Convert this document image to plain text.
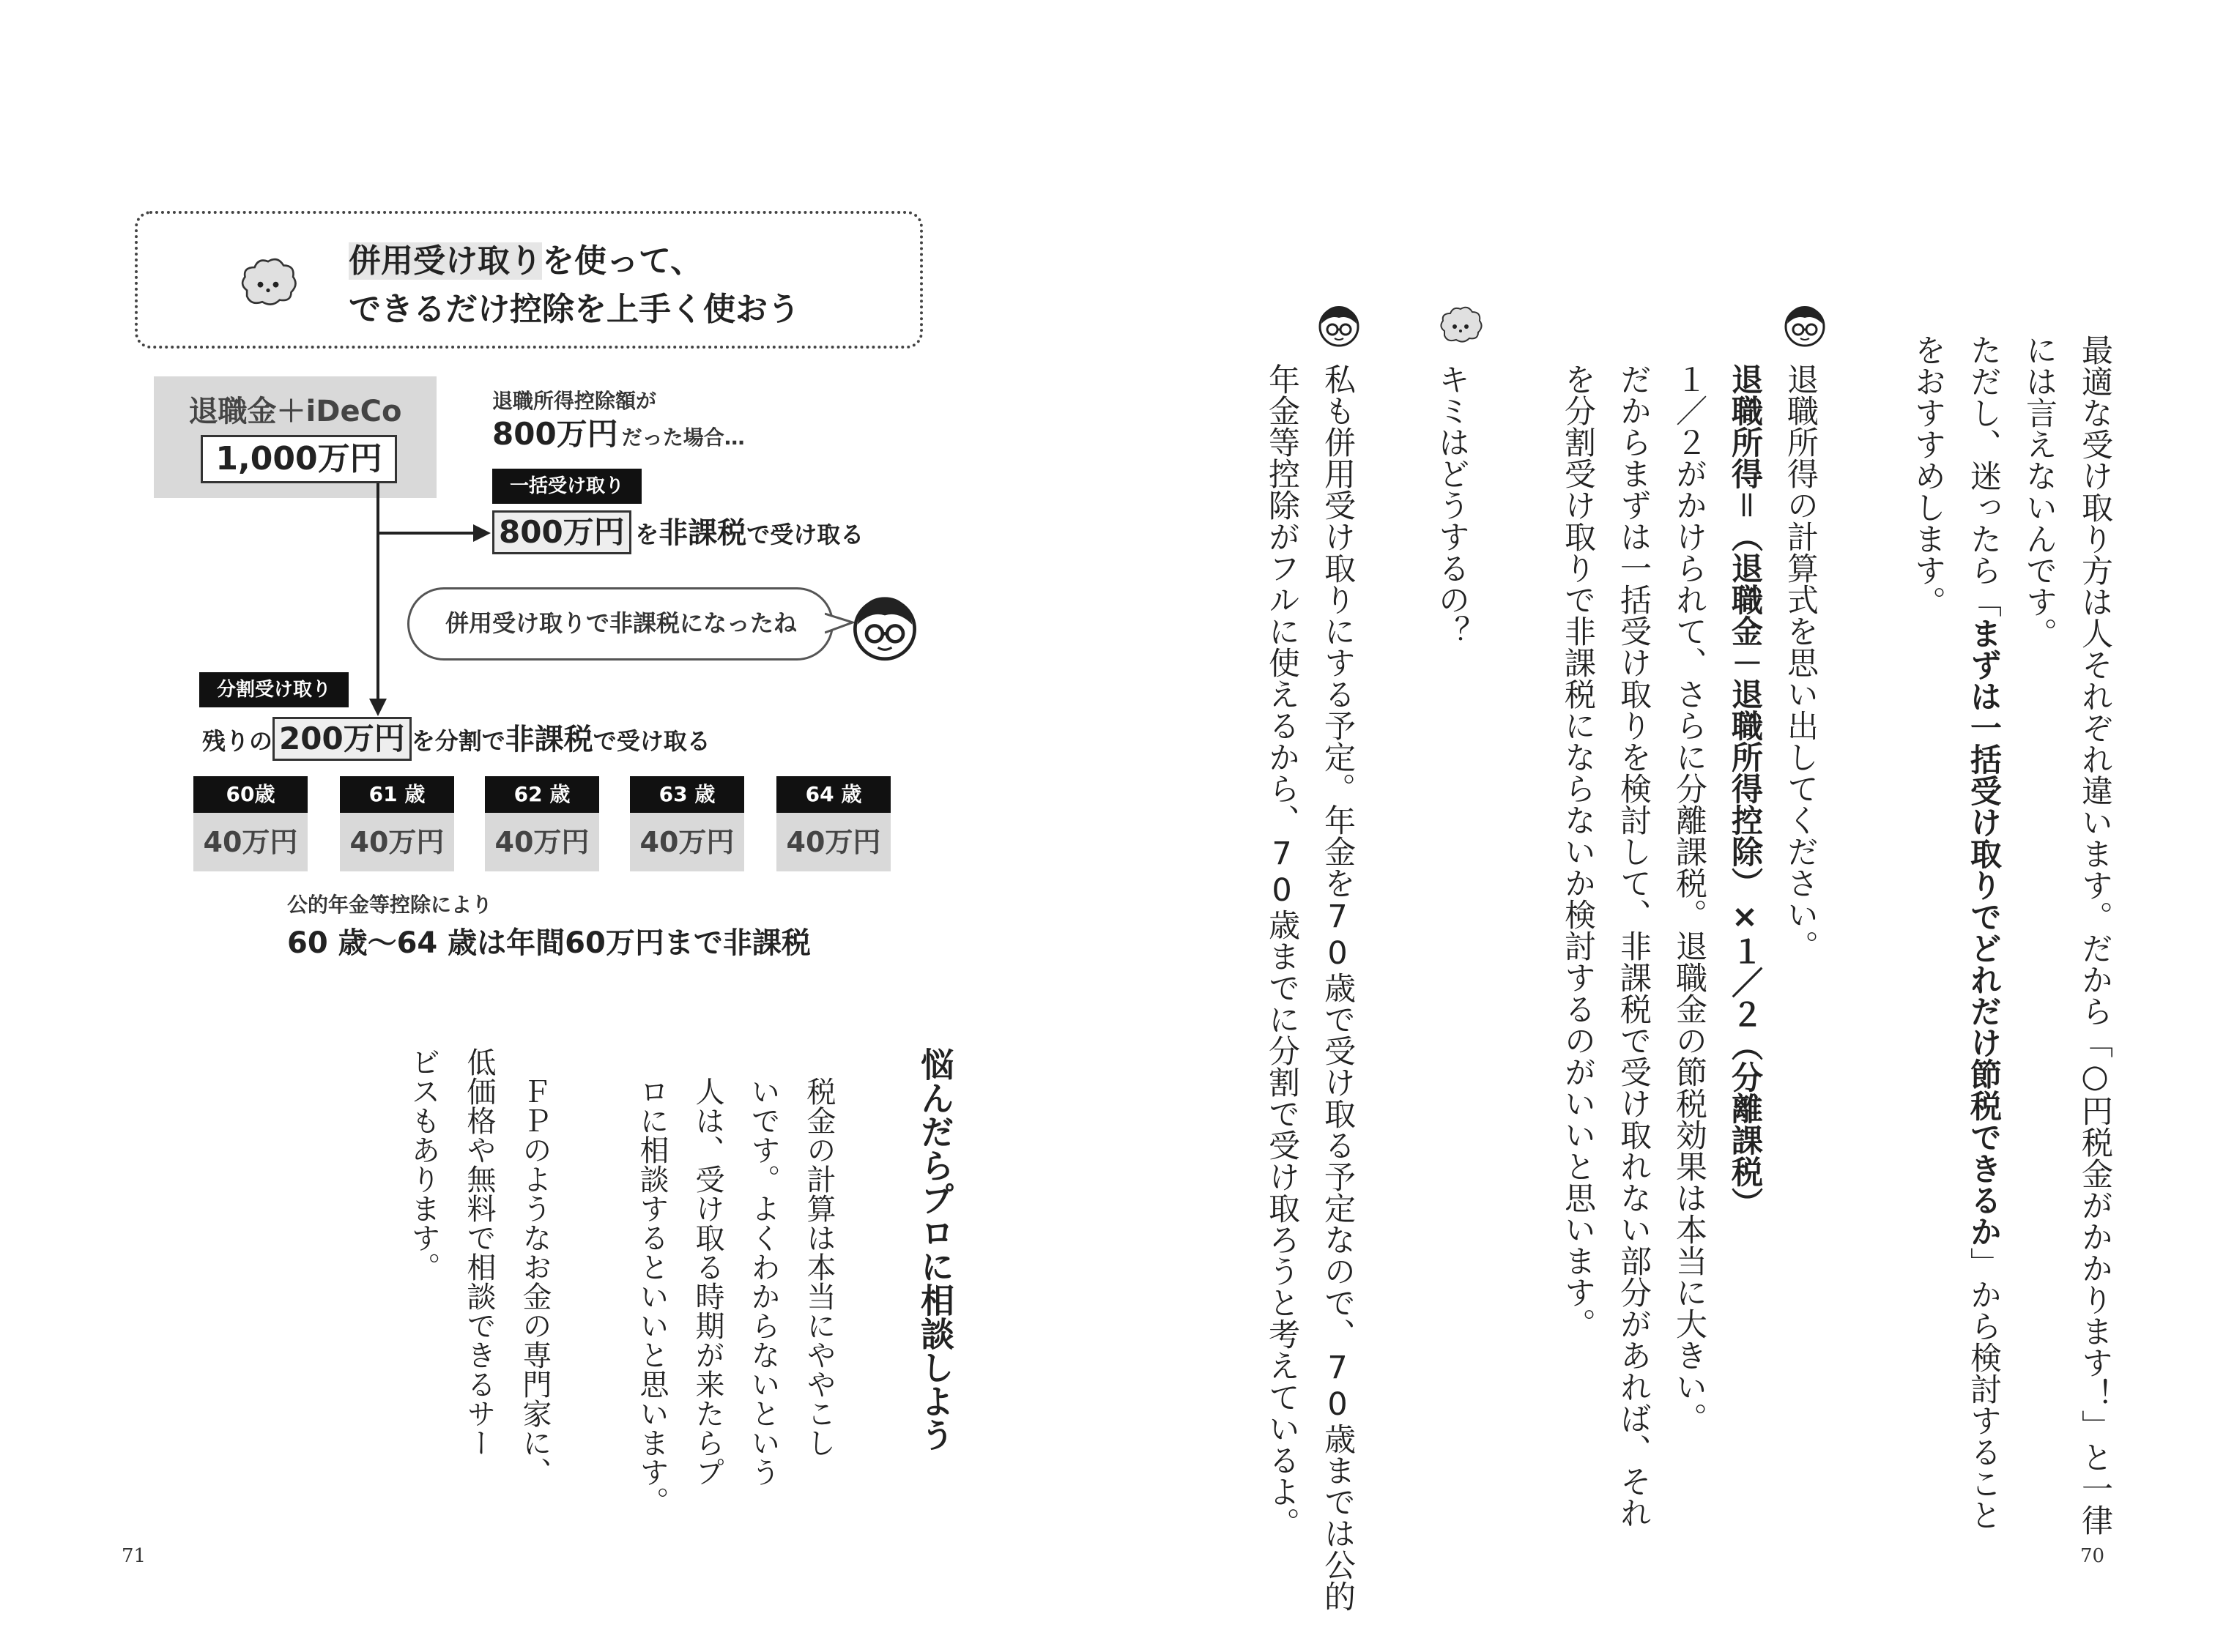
最適な受け取り方は人それぞれ違います。だから「○円税金がかかります！」と一律
には言えないんです。
ただし、迷ったら「まずは一括受け取りでどれだけ節税できるか」から検討すること
をおすすめします。
退職所得の計算式を思い出してください。
退職所得＝（退職金－退職所得控除）×１／２（分離課税）
１／２がかけられて、さらに分離課税。退職金の節税効果は本当に大きい。
だからまずは一括受け取りを検討して、非課税で受け取れない部分があれば、それ
を分割受け取りで非課税にならないか検討するのがいいと思います。
キミはどうするの？
私も併用受け取りにする予定。年金を70歳で受け取る予定なので、70歳までは公的
年金等控除がフルに使えるから、70歳までに分割で受け取ろうと考えているよ。
70
併用受け取りを使って、
できるだけ控除を上手く使おう
退職金＋iDeCo
1,000万円
退職所得控除額が
800万円 だった場合…
一括受け取り
800万円 を非課税で受け取る
併用受け取りで非課税になったね
分割受け取り
残りの 200万円 を分割で非課税で受け取る
60歳
40万円
61 歳
40万円
62 歳
40万円
63 歳
40万円
64 歳
40万円
公的年金等控除により
60 歳〜64 歳は年間60万円まで非課税
悩んだらプロに相談しよう
税金の計算は本当にややこし
いです。よくわからないという
人は、受け取る時期が来たらプ
ロに相談するといいと思います。
ＦＰのようなお金の専門家に、
低価格や無料で相談できるサー
ビスもあります。
71
